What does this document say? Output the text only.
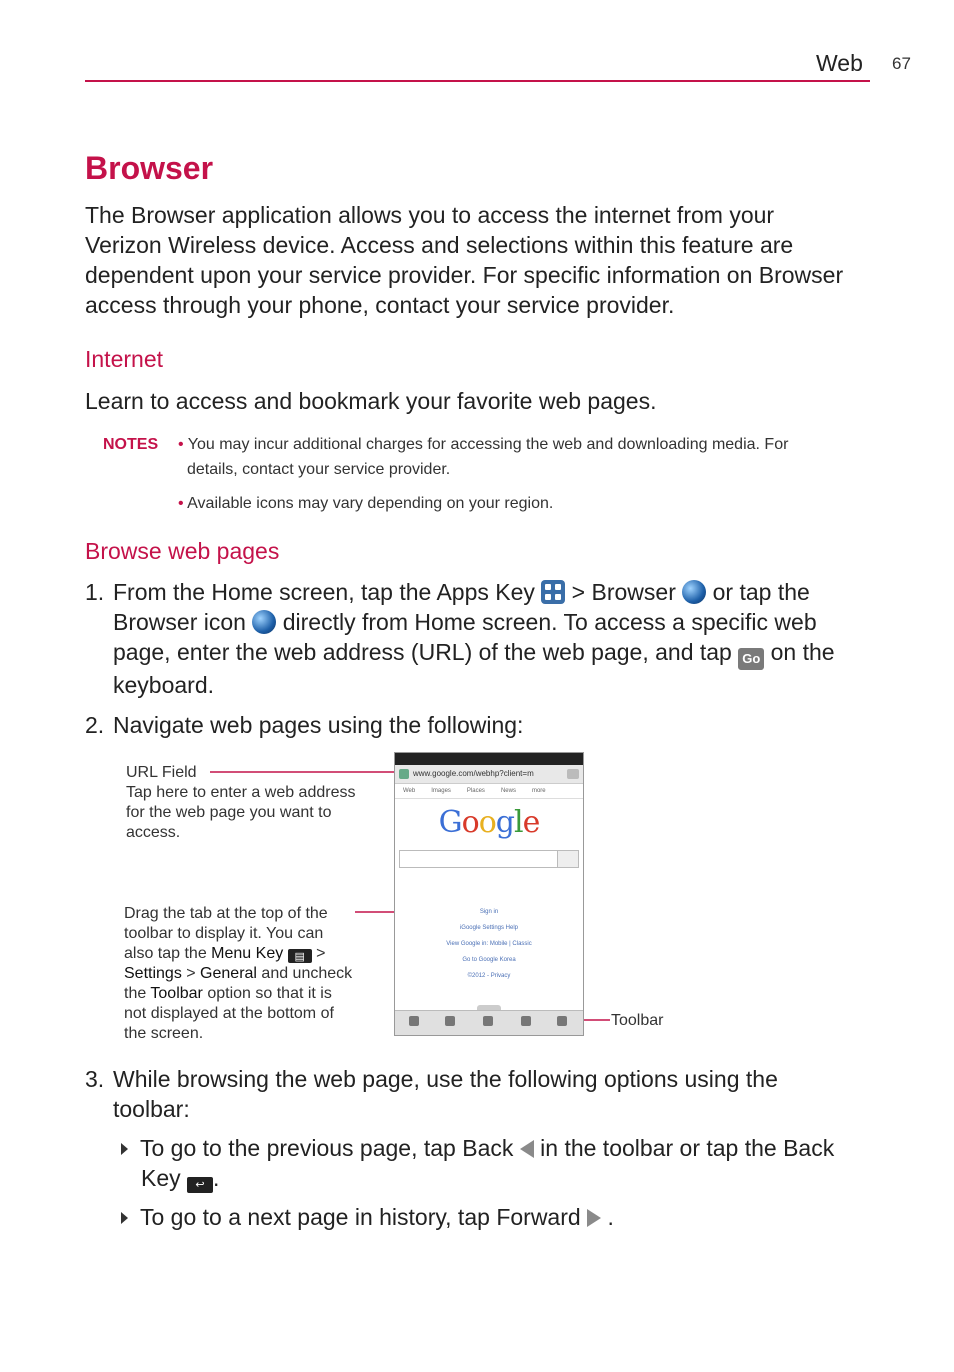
Web 67
Browser
The Browser application allows you to access the internet from your
Verizon Wireless device. Access and selections within this feature are
dependent upon your service provider. For specific information on Browser
access through your phone, contact your service provider.
Internet
Learn to access and bookmark your favorite web pages.
NOTES • You may incur additional charges for accessing the web and downloading media. For
details, contact your service provider.
• Available icons may vary depending on your region.
Browse web pages
1. From the Home screen, tap the Apps Key
> Browser  or tap the
Browser icon  directly from Home screen. To access a specific web
page, enter the web address (URL) of the web page, and tap Go on the
keyboard.
2. Navigate web pages using the following:
URL Field
Tap here to enter a web address
for the web page you want to
access.
Drag the tab at the top of the
toolbar to display it. You can
also tap the Menu Key ▤ >
Settings > General and uncheck
the Toolbar option so that it is
not displayed at the bottom of
the screen.
Toolbar
www.google.com/webhp?client=m
Web	Images	Places	News	more
Google
Sign in
iGoogle Settings Help
View Google in: Mobile | Classic
Go to Google Korea
©2012 - Privacy
3. While browsing the web page, use the following options using the
toolbar:
To go to the previous page, tap Back  in the toolbar or tap the Back
Key ↩ .
To go to a next page in history, tap Forward  .
